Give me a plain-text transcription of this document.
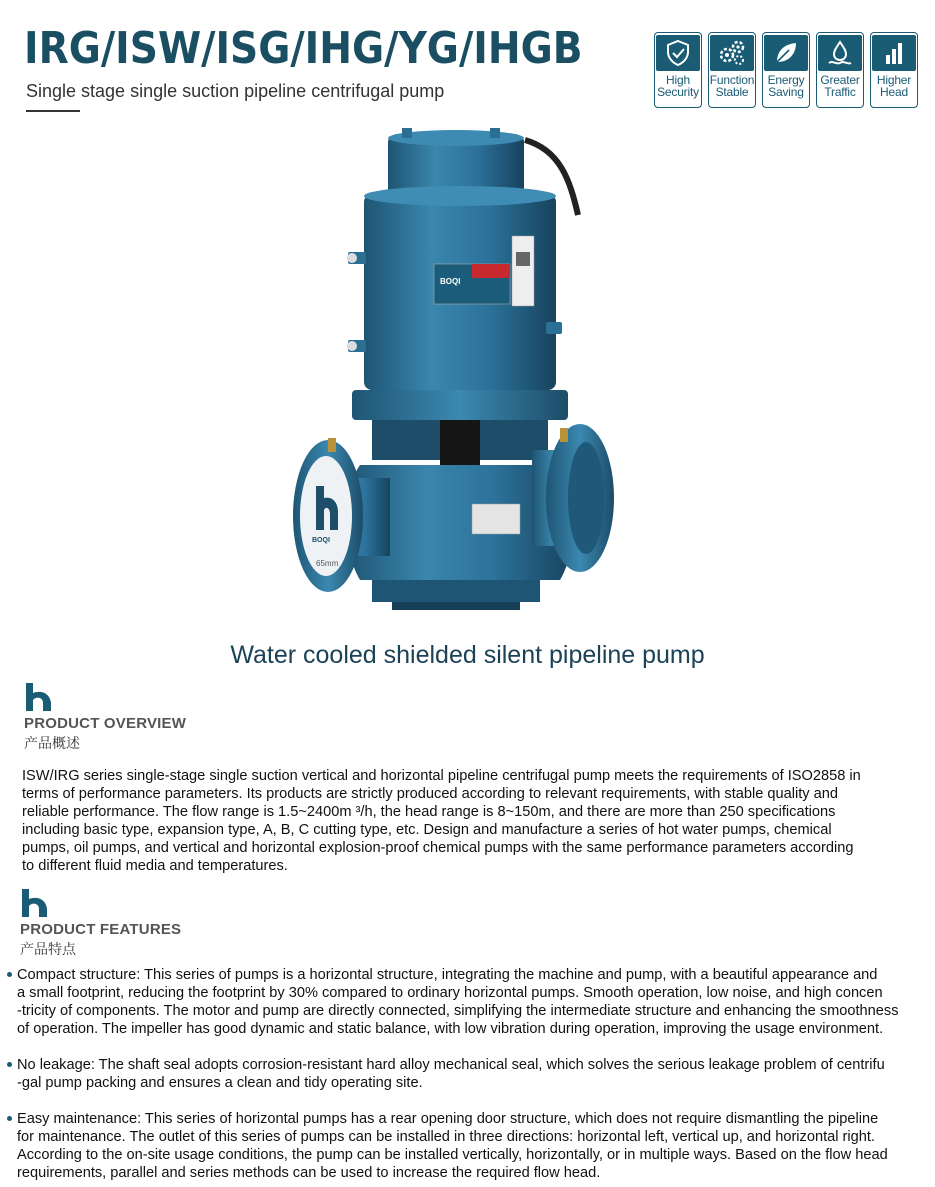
IRG/ISW/ISG/IHG/YG/IHGB
Single stage single suction pipeline centrifugal pump
High
Security
Function
Stable
Energy
Saving
Greater
Traffic
Higher
Head
BOQI
BOQI
65mm
Water cooled shielded silent pipeline pump
PRODUCT OVERVIEW
产品概述
ISW/IRG series single-stage single suction vertical and horizontal pipeline centrifugal pump meets the requirements of ISO2858 in
terms of performance parameters. Its products are strictly produced according to relevant requirements, with stable quality and
reliable performance. The flow range is 1.5~2400m ³/h, the head range is 8~150m, and there are more than 250 specifications
including basic type, expansion type, A, B, C cutting type, etc. Design and manufacture a series of hot water pumps, chemical
pumps, oil pumps, and vertical and horizontal explosion-proof chemical pumps with the same performance parameters according
to different fluid media and temperatures.
PRODUCT FEATURES
产品特点
Compact structure: This series of pumps is a horizontal structure, integrating the machine and pump, with a beautiful appearance and
a small footprint, reducing the footprint by 30% compared to ordinary horizontal pumps. Smooth operation, low noise, and high concen
-tricity of components. The motor and pump are directly connected, simplifying the intermediate structure and enhancing the smoothness
of operation. The impeller has good dynamic and static balance, with low vibration during operation, improving the usage environment.
No leakage: The shaft seal adopts corrosion-resistant hard alloy mechanical seal, which solves the serious leakage problem of centrifu
-gal pump packing and ensures a clean and tidy operating site.
Easy maintenance: This series of horizontal pumps has a rear opening door structure, which does not require dismantling the pipeline
for maintenance. The outlet of this series of pumps can be installed in three directions: horizontal left, vertical up, and horizontal right.
According to the on-site usage conditions, the pump can be installed vertically, horizontally, or in multiple ways. Based on the flow head
requirements, parallel and series methods can be used to increase the required flow head.
